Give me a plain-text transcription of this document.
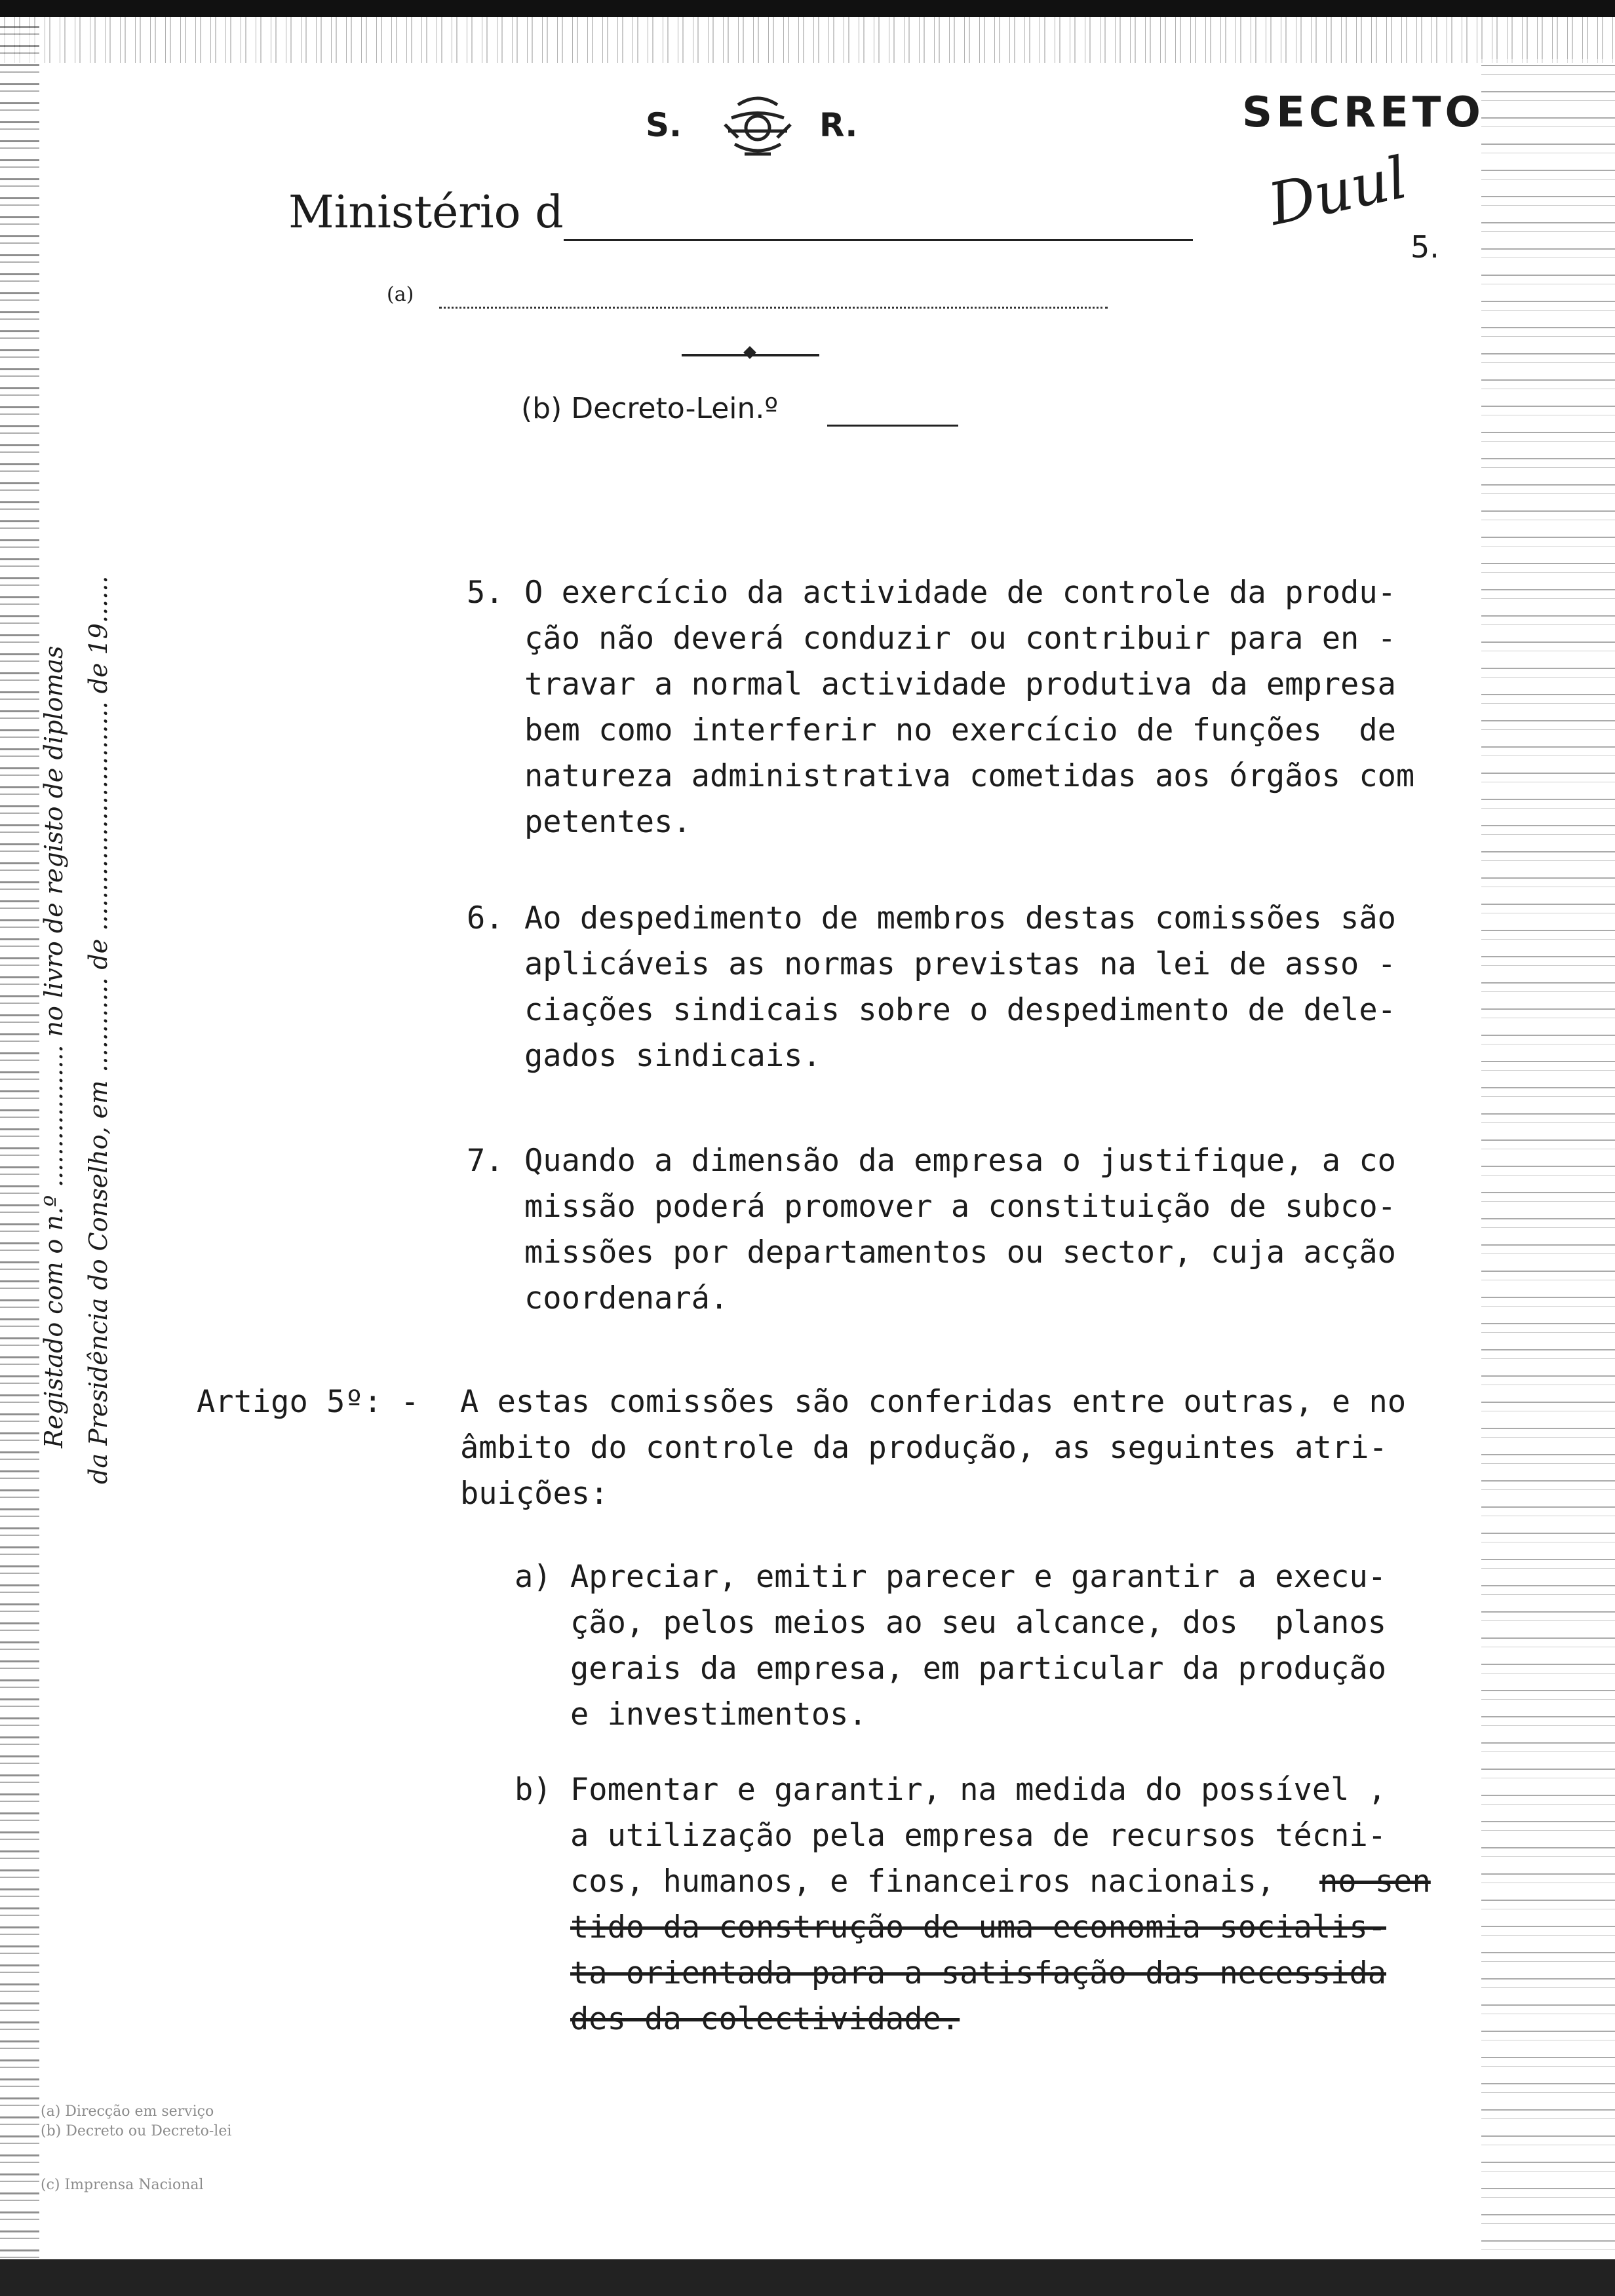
S.	R.	SECRETO
Duul
5.
Ministério d
(a)
(b) Decreto-Lein.º
Registado com o n.º .................. no livro de registo de diplomas da Presidência do Conselho, em ............ de ............................. de 19......	5. O exercício da actividade de controle da produ-
ção não deverá conduzir ou contribuir para en -
travar a normal actividade produtiva da empresa
bem como interferir no exercício de funções  de
natureza administrativa cometidas aos órgãos com
petentes.
6. Ao despedimento de membros destas comissões são
aplicáveis as normas previstas na lei de asso -
ciações sindicais sobre o despedimento de dele-
gados sindicais.
7. Quando a dimensão da empresa o justifique, a co
missão poderá promover a constituição de subco-
missões por departamentos ou sector, cuja acção
coordenará.
Artigo 5º: - A estas comissões são conferidas entre outras, e no
âmbito do controle da produção, as seguintes atri-
buições:
a) Apreciar, emitir parecer e garantir a execu-
ção, pelos meios ao seu alcance, dos  planos
gerais da empresa, em particular da produção
e investimentos.
b) Fomentar e garantir, na medida do possível ,
a utilização pela empresa de recursos técni-
cos, humanos, e financeiros nacionais, no sen
tido da construção de uma economia socialis-
ta orientada para a satisfação das necessida
des da colectividade.
(a) Direcção em serviço
(b) Decreto ou Decreto-lei
(c) Imprensa Nacional
